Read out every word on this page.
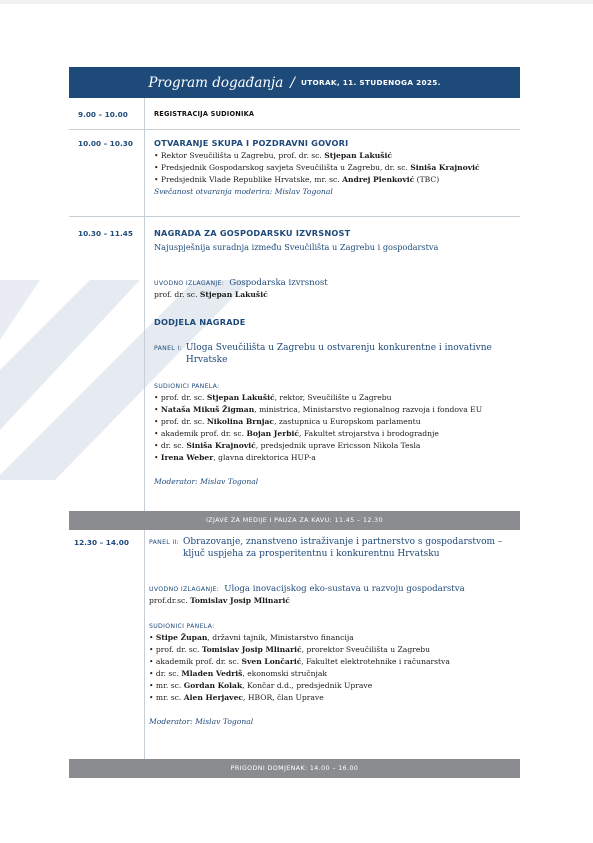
Program događanja / UTORAK, 11. STUDENOGA 2025.
9.00 – 10.00	REGISTRACIJA SUDIONIKA
10.00 – 10.30	OTVARANJE SKUPA I POZDRAVNI GOVORI
• Rektor Sveučilišta u Zagrebu, prof. dr. sc. Stjepan Lakušić
• Predsjednik Gospodarskog savjeta Sveučilišta u Zagrebu, dr. sc. Siniša Krajnović
• Predsjednik Vlade Republike Hrvatske, mr. sc. Andrej Plenković (TBC)
Svečanost otvaranja moderira: Mislav Togonal
10.30 – 11.45	NAGRADA ZA GOSPODARSKU IZVRSNOST
Najuspješnija suradnja između Sveučilišta u Zagrebu i gospodarstva
UVODNO IZLAGANJE: Gospodarska izvrsnost
prof. dr. sc. Stjepan Lakušić
DODJELA NAGRADE
PANEL I: Uloga Sveučilišta u Zagrebu u ostvarenju konkurentne i inovativne Hrvatske
SUDIONICI PANELA:
• prof. dr. sc. Stjepan Lakušić, rektor, Sveučilište u Zagrebu
• Nataša Mikuš Žigman, ministrica, Ministarstvo regionalnog razvoja i fondova EU
• prof. dr. sc. Nikolina Brnjac, zastupnica u Europskom parlamentu
• akademik prof. dr. sc. Bojan Jerbić, Fakultet strojarstva i brodogradnje
• dr. sc. Siniša Krajnović, predsjednik uprave Ericsson Nikola Tesla
• Irena Weber, glavna direktorica HUP-a
Moderator: Mislav Togonal
IZJAVE ZA MEDIJE I PAUZA ZA KAVU: 11.45 – 12.30
12.30 – 14.00	PANEL II: Obrazovanje, znanstveno istraživanje i partnerstvo s gospodarstvom – ključ uspjeha za prosperitentnu i konkurentnu Hrvatsku
UVODNO IZLAGANJE: Uloga inovacijskog eko-sustava u razvoju gospodarstva
prof.dr.sc. Tomislav Josip Mlinarić
SUDIONICI PANELA:
• Stipe Župan, državni tajnik, Ministarstvo financija
• prof. dr. sc. Tomislav Josip Mlinarić, prorektor Sveučilišta u Zagrebu
• akademik prof. dr. sc. Sven Lončarić, Fakultet elektrotehnike i računarstva
• dr. sc. Mladen Vedriš, ekonomski stručnjak
• mr. sc. Gordan Kolak, Končar d.d., predsjednik Uprave
• mr. sc. Alen Herjavec, HBOR, član Uprave
Moderator: Mislav Togonal
PRIGODNI DOMJENAK: 14.00 – 16.00
